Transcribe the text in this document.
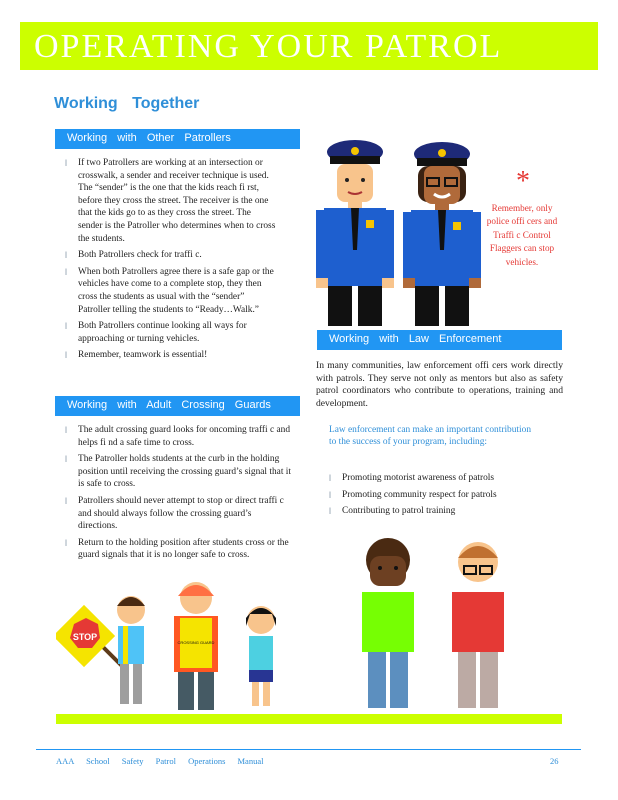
OPERATING YOUR PATROL
Working Together
Working with Other Patrollers
l If two Patrollers are working at an intersection or crosswalk, a sender and receiver technique is used. The “sender” is the one that the kids reach fi rst, before they cross the street. The receiver is the one that the kids go to as they cross the street. The sender is the Patroller who determines when to cross the students.
l Both Patrollers check for traffi c.
l When both Patrollers agree there is a safe gap or the vehicles have come to a complete stop, they then cross the students as usual with the “sender” Patroller telling the students to “Ready…Walk.”
l Both Patrollers continue looking all ways for approaching or turning vehicles.
l Remember, teamwork is essential!
Working with Adult Crossing Guards
l The adult crossing guard looks for oncoming traffi c and helps fi nd a safe time to cross.
l The Patroller holds students at the curb in the holding position until receiving the crossing guard’s signal that it is safe to cross.
l Patrollers should never attempt to stop or direct traffi c and should always follow the crossing guard’s directions.
l Return to the holding position after students cross or the guard signals that it is no longer safe to cross.
Working with Law Enforcement
In many communities, law enforcement offi cers work directly with patrols. They serve not only as mentors but also as safety patrol coordinators who contribute to operations, training and development.
Law enforcement can make an important contribution to the success of your program, including:
l Promoting motorist awareness of patrols
l Promoting community respect for patrols
l Contributing to patrol training
*
Remember, only police offi cers and Traffi c Control Flaggers can stop vehicles.
STOP
CROSSING GUARD
AAA School Safety Patrol Operations Manual	26
